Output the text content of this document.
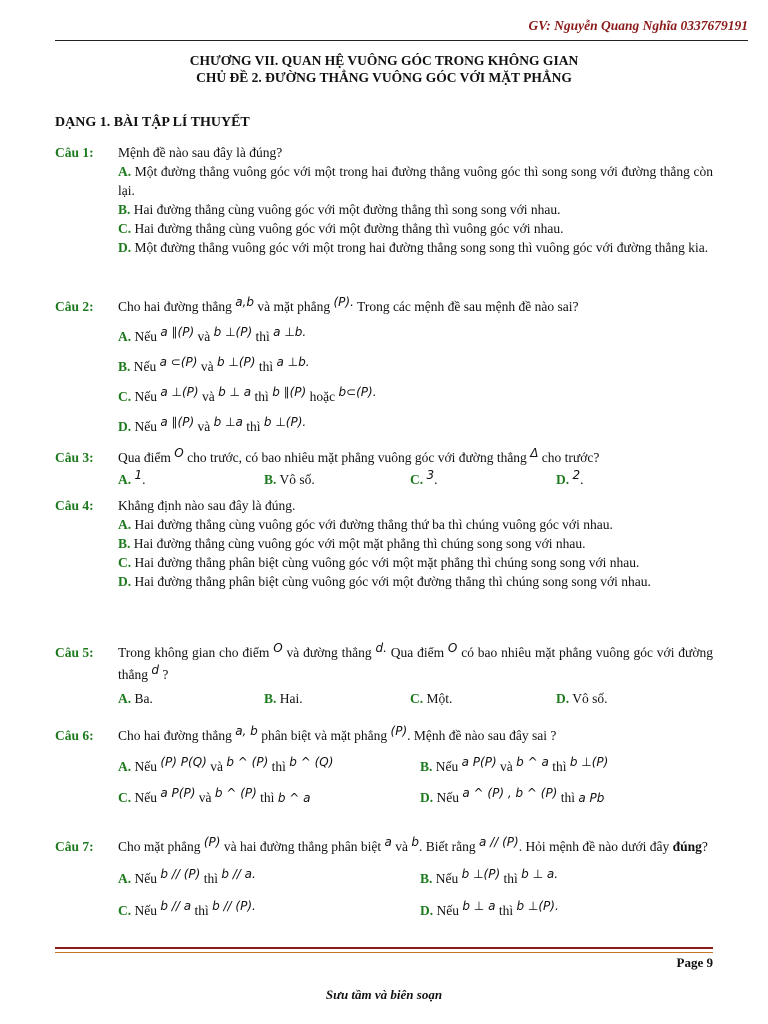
GV: Nguyễn Quang Nghĩa 0337679191
CHƯƠNG VII. QUAN HỆ VUÔNG GÓC TRONG KHÔNG GIAN
CHỦ ĐỀ 2. ĐƯỜNG THẲNG VUÔNG GÓC VỚI MẶT PHẲNG
DẠNG 1. BÀI TẬP LÍ THUYẾT
Câu 1: Mệnh đề nào sau đây là đúng?
A. Một đường thẳng vuông góc với một trong hai đường thẳng vuông góc thì song song với đường thẳng còn lại.
B. Hai đường thẳng cùng vuông góc với một đường thẳng thì song song với nhau.
C. Hai đường thẳng cùng vuông góc với một đường thẳng thì vuông góc với nhau.
D. Một đường thẳng vuông góc với một trong hai đường thẳng song song thì vuông góc với đường thẳng kia.
Câu 2: Cho hai đường thẳng a,b và mặt phẳng (P). Trong các mệnh đề sau mệnh đề nào sai?
A. Nếu a ∥(P) và b ⊥(P) thì a ⊥b.
B. Nếu a ⊂(P) và b ⊥(P) thì a ⊥b.
C. Nếu a ⊥(P) và b ⊥ a thì b ∥(P) hoặc b⊂(P).
D. Nếu a ∥(P) và b ⊥a thì b ⊥(P).
Câu 3: Qua điểm O cho trước, có bao nhiêu mặt phẳng vuông góc với đường thẳng Δ cho trước?
A. 1.	B. Vô số.	C. 3.	D. 2.
Câu 4: Khẳng định nào sau đây là đúng.
A. Hai đường thẳng cùng vuông góc với đường thẳng thứ ba thì chúng vuông góc với nhau.
B. Hai đường thẳng cùng vuông góc với một mặt phẳng thì chúng song song với nhau.
C. Hai đường thẳng phân biệt cùng vuông góc với một mặt phẳng thì chúng song song với nhau.
D. Hai đường thẳng phân biệt cùng vuông góc với một đường thẳng thì chúng song song với nhau.
Câu 5: Trong không gian cho điểm O và đường thẳng d. Qua điểm O có bao nhiêu mặt phẳng vuông góc với đường thẳng d ?
A. Ba.	B. Hai.	C. Một.	D. Vô số.
Câu 6: Cho hai đường thẳng a, b phân biệt và mặt phẳng (P). Mệnh đề nào sau đây sai ?
A. Nếu (P) P(Q) và b ^ (P) thì b ^ (Q)	B. Nếu a P(P) và b ^ a thì b ⊥(P)
C. Nếu a P(P) và b ^ (P) thì b ^ a	D. Nếu a ^ (P) , b ^ (P) thì a Pb
Câu 7: Cho mặt phẳng (P) và hai đường thẳng phân biệt a và b. Biết rằng a // (P). Hỏi mệnh đề nào dưới đây đúng?
A. Nếu b // (P) thì b // a.	B. Nếu b ⊥(P) thì b ⊥ a.
C. Nếu b // a thì b // (P).	D. Nếu b ⊥ a thì b ⊥(P).
Page 9
Sưu tầm và biên soạn
